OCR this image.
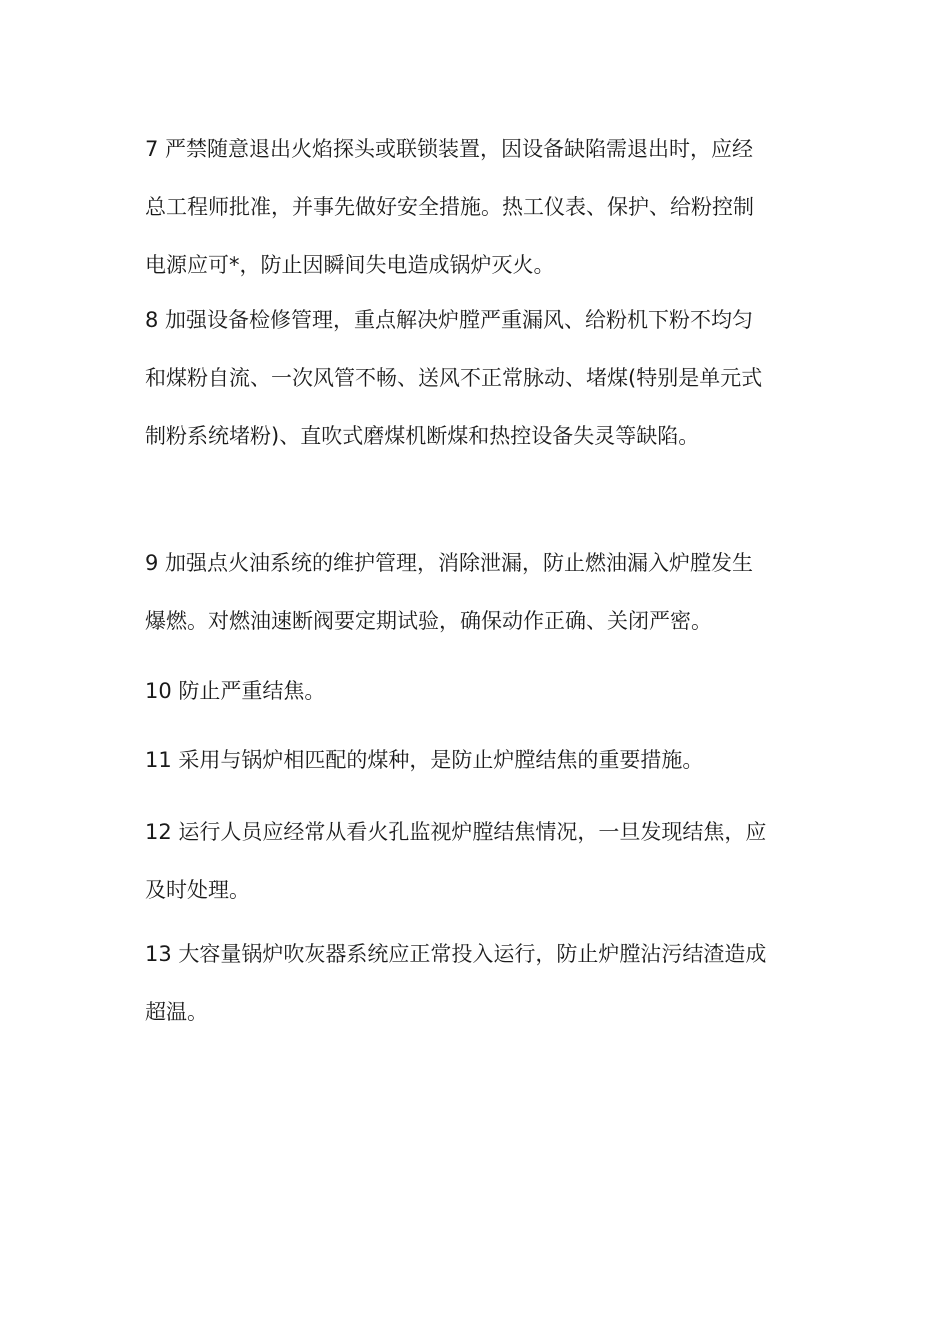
7 严禁随意退出火焰探头或联锁装置，因设备缺陷需退出时，应经
总工程师批准，并事先做好安全措施。热工仪表、保护、给粉控制
电源应可*，防止因瞬间失电造成锅炉灭火。
8 加强设备检修管理，重点解决炉膛严重漏风、给粉机下粉不均匀
和煤粉自流、一次风管不畅、送风不正常脉动、堵煤(特别是单元式
制粉系统堵粉)、直吹式磨煤机断煤和热控设备失灵等缺陷。
9 加强点火油系统的维护管理，消除泄漏，防止燃油漏入炉膛发生
爆燃。对燃油速断阀要定期试验，确保动作正确、关闭严密。
10 防止严重结焦。
11 采用与锅炉相匹配的煤种，是防止炉膛结焦的重要措施。
12 运行人员应经常从看火孔监视炉膛结焦情况，一旦发现结焦，应
及时处理。
13 大容量锅炉吹灰器系统应正常投入运行，防止炉膛沾污结渣造成
超温。
